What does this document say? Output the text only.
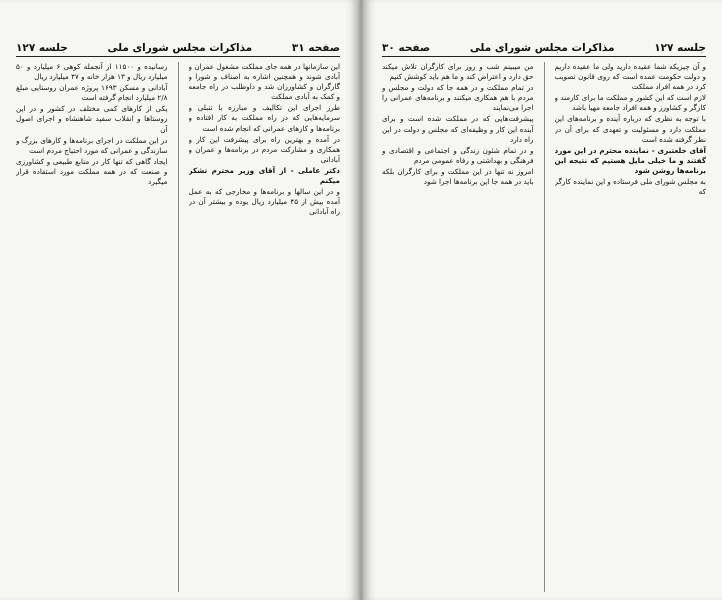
صفحه ۳۱
مذاکرات مجلس شورای ملی
جلسه ۱۲۷

این سازمانها در همه جای مملکت مشغول عمران و آبادی شوند و همچنین اشاره به اصناف و شورا و گارگران و کشاورزان شد و داوطلب در راه جامعه و کمک به آبادی مملکت

طرز اجرای این تکالیف و مبارزه با تنبلی و سرمایه‌هایی که در راه مملکت به کار افتاده و برنامه‌ها و کارهای عمرانی که انجام شده است

در آمده و بهترین راه برای پیشرفت این کار و همکاری و مشارکت مردم در برنامه‌ها و عمران و آبادانی

دکتر عاملی - از آقای وزیر محترم تشکر میکنم

و در این سالها و برنامه‌ها و مخارجی که به عمل آمده بیش از ۴۵ میلیارد ریال بوده و بیشتر آن در راه آبادانی

رسانیده و ۱۱۵۰۰ از آنجمله کوهی ۶ میلیارد و ۵۰ میلیارد ریال و ۱۳ هزار خانه و ۴۷ میلیارد ریال

آبادانی و مسکن ۱۶۹۳ پروژه عمران روستایی مبلغ ۲/۸ میلیارد انجام گرفته است

یکی از کارهای کمی مختلف در کشور و در این روستاها و انقلاب سفید شاهنشاه و اجرای اصول آن

در این مملکت در اجرای برنامه‌ها و کارهای بزرگ و سازندگی و عمرانی که مورد احتیاج مردم است

ایجاد گاهی که تنها کار در منابع طبیعی و کشاورزی و صنعت که در همه مملکت مورد استفاده قرار میگیرد

جلسه ۱۲۷
مذاکرات مجلس شورای ملی
صفحه ۳۰

و آن چیزیکه شما عقیده دارید ولی ما عقیده داریم و دولت حکومت عمده است که روی قانون تصویب کرد در همه افراد مملکت

لازم است که این کشور و مملکت ما برای کارمند و کارگر و کشاورز و همه افراد جامعه مهیا باشد

با توجه به نظری که درباره آینده و برنامه‌های این مملکت دارد و مسئولیت و تعهدی که برای آن در نظر گرفته شده است

آقای خلعتبری - نماینده محترم در این مورد گفتند و ما خیلی مایل هستیم که نتیجه این برنامه‌ها روشن شود

به مجلس شورای ملی فرستاده و این نماینده کارگر که

من میبینم شب و روز برای کارگران تلاش میکند حق دارد و اعتراض کند و ما هم باید کوشش کنیم

در تمام مملکت و در همه جا که دولت و مجلس و مردم با هم همکاری میکنند و برنامه‌های عمرانی را اجرا می‌نمایند

پیشرفت‌هایی که در مملکت شده است و برای آینده این کار و وظیفه‌ای که مجلس و دولت در این راه دارد

و در تمام شئون زندگی و اجتماعی و اقتصادی و فرهنگی و بهداشتی و رفاه عمومی مردم

امروز نه تنها در این مملکت و برای کارگران بلکه باید در همه جا این برنامه‌ها اجرا شود
